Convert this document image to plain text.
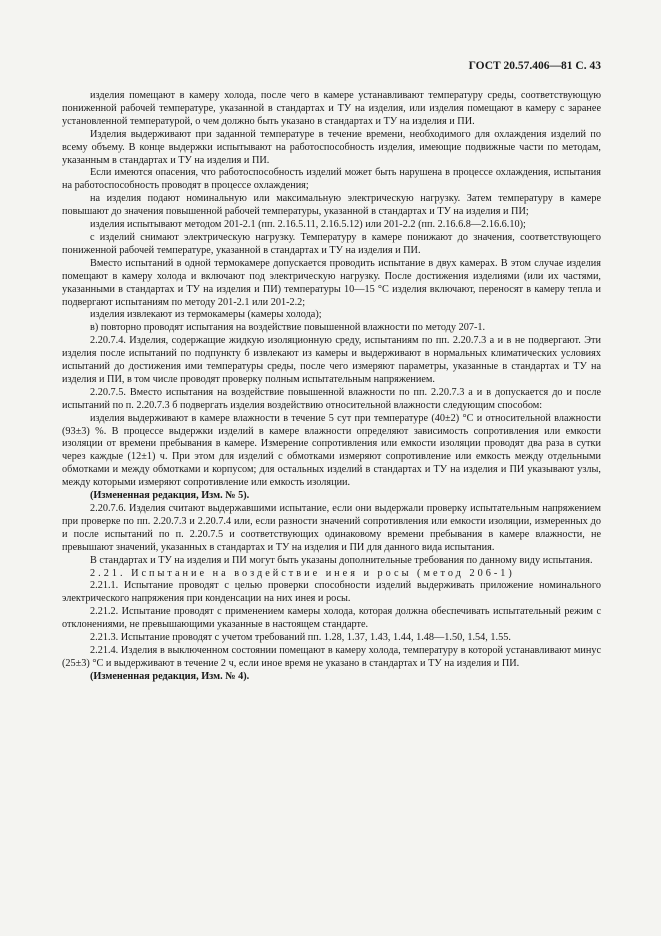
ГОСТ 20.57.406—81 С. 43

изделия помещают в камеру холода, после чего в камере устанавливают температуру среды, соответствующую пониженной рабочей температуре, указанной в стандартах и ТУ на изделия, или изделия помещают в камеру с заранее установленной температурой, о чем должно быть указано в стандартах и ТУ на изделия и ПИ.

Изделия выдерживают при заданной температуре в течение времени, необходимого для охлаждения изделий по всему объему. В конце выдержки испытывают на работоспособность изделия, имеющие подвижные части по методам, указанным в стандартах и ТУ на изделия и ПИ.

Если имеются опасения, что работоспособность изделий может быть нарушена в процессе охлаждения, испытания на работоспособность проводят в процессе охлаждения;

на изделия подают номинальную или максимальную электрическую нагрузку. Затем температуру в камере повышают до значения повышенной рабочей температуры, указанной в стандартах и ТУ на изделия и ПИ;

изделия испытывают методом 201-2.1 (пп. 2.16.5.11, 2.16.5.12) или 201-2.2 (пп. 2.16.6.8—2.16.6.10);

с изделий снимают электрическую нагрузку. Температуру в камере понижают до значения, соответствующего пониженной рабочей температуре, указанной в стандартах и ТУ на изделия и ПИ.

Вместо испытаний в одной термокамере допускается проводить испытание в двух камерах. В этом случае изделия помещают в камеру холода и включают под электрическую нагрузку. После достижения изделиями (или их частями, указанными в стандартах и ТУ на изделия и ПИ) температуры 10—15 °С изделия включают, переносят в камеру тепла и подвергают испытаниям по методу 201-2.1 или 201-2.2;

изделия извлекают из термокамеры (камеры холода);

в) повторно проводят испытания на воздействие повышенной влажности по методу 207-1.

2.20.7.4. Изделия, содержащие жидкую изоляционную среду, испытаниям по пп. 2.20.7.3 а и в не подвергают. Эти изделия после испытаний по подпункту б извлекают из камеры и выдерживают в нормальных климатических условиях испытаний до достижения ими температуры среды, после чего измеряют параметры, указанные в стандартах и ТУ на изделия и ПИ, в том числе проводят проверку полным испытательным напряжением.

2.20.7.5. Вместо испытания на воздействие повышенной влажности по пп. 2.20.7.3 а и в допускается до и после испытаний по п. 2.20.7.3 б подвергать изделия воздействию относительной влажности следующим способом:

изделия выдерживают в камере влажности в течение 5 сут при температуре (40±2) °С и относительной влажности (93±3) %. В процессе выдержки изделий в камере влажности определяют зависимость сопротивления или емкости изоляции от времени пребывания в камере. Измерение сопротивления или емкости изоляции проводят два раза в сутки через каждые (12±1) ч. При этом для изделий с обмотками измеряют сопротивление или емкость между отдельными обмотками и между обмотками и корпусом; для остальных изделий в стандартах и ТУ на изделия и ПИ указывают узлы, между которыми измеряют сопротивление или емкость изоляции.

(Измененная редакция, Изм. № 5).

2.20.7.6. Изделия считают выдержавшими испытание, если они выдержали проверку испытательным напряжением при проверке по пп. 2.20.7.3 и 2.20.7.4 или, если разности значений сопротивления или емкости изоляции, измеренных до и после испытаний по п. 2.20.7.5 и соответствующих одинаковому времени пребывания в камере влажности, не превышают значений, указанных в стандартах и ТУ на изделия и ПИ для данного вида испытания.

В стандартах и ТУ на изделия и ПИ могут быть указаны дополнительные требования по данному виду испытания.

2.21. Испытание на воздействие инея и росы (метод 206-1)

2.21.1. Испытание проводят с целью проверки способности изделий выдерживать приложение номинального электрического напряжения при конденсации на них инея и росы.

2.21.2. Испытание проводят с применением камеры холода, которая должна обеспечивать испытательный режим с отклонениями, не превышающими указанные в настоящем стандарте.

2.21.3. Испытание проводят с учетом требований пп. 1.28, 1.37, 1.43, 1.44, 1.48—1.50, 1.54, 1.55.

2.21.4. Изделия в выключенном состоянии помещают в камеру холода, температуру в которой устанавливают минус (25±3) °С и выдерживают в течение 2 ч, если иное время не указано в стандартах и ТУ на изделия и ПИ.

(Измененная редакция, Изм. № 4).
